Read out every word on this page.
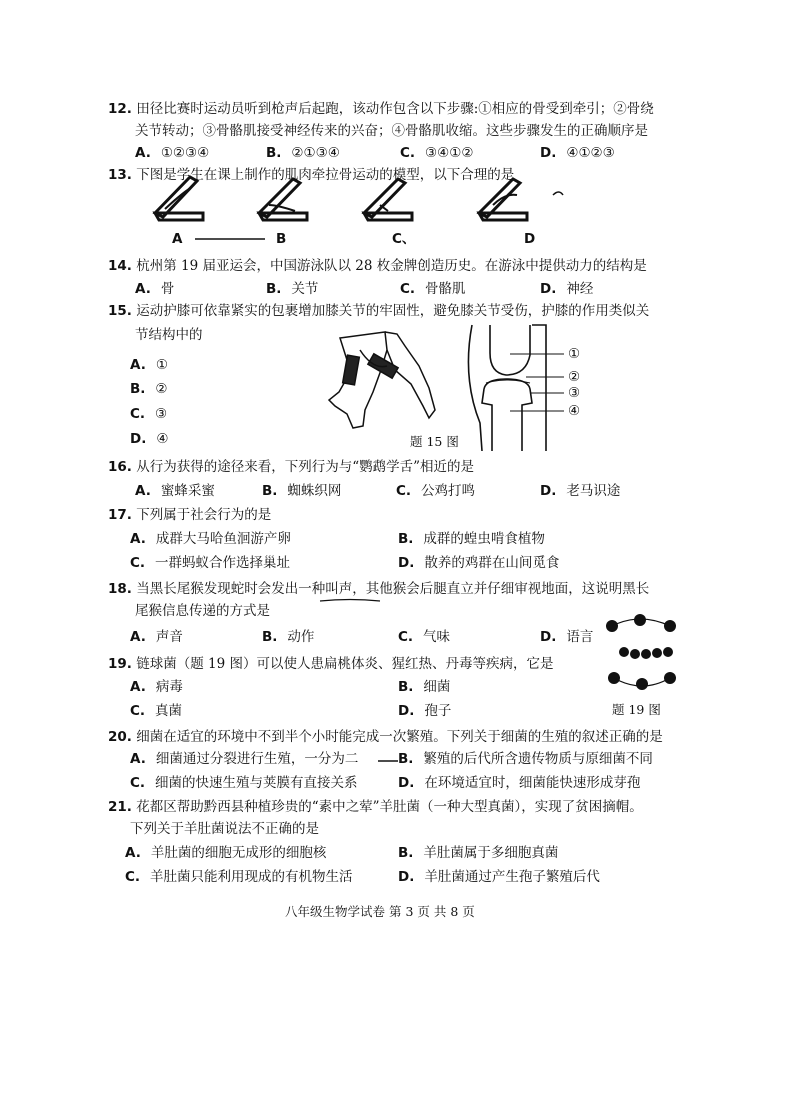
12. 田径比赛时运动员听到枪声后起跑，该动作包含以下步骤:①相应的骨受到牵引；②骨绕
关节转动；③骨骼肌接受神经传来的兴奋；④骨骼肌收缩。这些步骤发生的正确顺序是
A. ①②③④	B. ②①③④	C. ③④①②	D. ④①②③
13. 下图是学生在课上制作的肌肉牵拉骨运动的模型，以下合理的是
A	B	C、	D
14. 杭州第 19 届亚运会，中国游泳队以 28 枚金牌创造历史。在游泳中提供动力的结构是
A. 骨	B. 关节	C. 骨骼肌	D. 神经
15. 运动护膝可依靠紧实的包裹增加膝关节的牢固性，避免膝关节受伤，护膝的作用类似关
节结构中的
A. ①
B. ②
C. ③
D. ④
①
②
③
④
题 15 图
16. 从行为获得的途径来看，下列行为与“鹦鹉学舌”相近的是
A. 蜜蜂采蜜	B. 蜘蛛织网	C. 公鸡打鸣	D. 老马识途
17. 下列属于社会行为的是
A. 成群大马哈鱼洄游产卵	B. 成群的蝗虫啃食植物
C. 一群蚂蚁合作选择巢址	D. 散养的鸡群在山间觅食
18. 当黑长尾猴发现蛇时会发出一种叫声，其他猴会后腿直立并仔细审视地面，这说明黑长
尾猴信息传递的方式是
A. 声音	B. 动作	C. 气味	D. 语言
19. 链球菌（题 19 图）可以使人患扁桃体炎、猩红热、丹毒等疾病，它是
A. 病毒	B. 细菌
C. 真菌	D. 孢子	题 19 图
20. 细菌在适宜的环境中不到半个小时能完成一次繁殖。下列关于细菌的生殖的叙述正确的是
A. 细菌通过分裂进行生殖，一分为二	B. 繁殖的后代所含遗传物质与原细菌不同
C. 细菌的快速生殖与荚膜有直接关系	D. 在环境适宜时，细菌能快速形成芽孢
21. 花都区帮助黔西县种植珍贵的“素中之荤”羊肚菌（一种大型真菌），实现了贫困摘帽。
下列关于羊肚菌说法不正确的是
A. 羊肚菌的细胞无成形的细胞核	B. 羊肚菌属于多细胞真菌
C. 羊肚菌只能利用现成的有机物生活	D. 羊肚菌通过产生孢子繁殖后代
八年级生物学试卷 第 3 页 共 8 页
